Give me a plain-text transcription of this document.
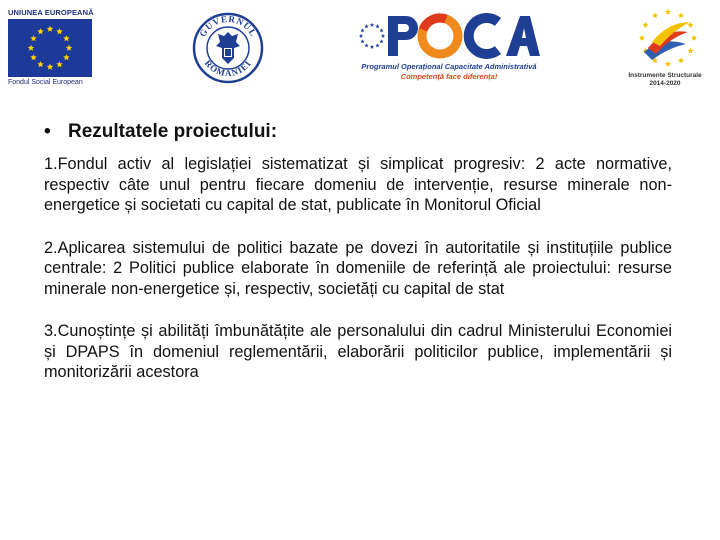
UNIUNEA EUROPEANĂ
Fondul Social European
GUVERNUL
ROMÂNIEI	Programul Operațional Capacitate Administrativă
Competență face diferența!	Instrumente Structurale
2014-2020
• Rezultatele proiectului:

1.Fondul activ al legislației sistematizat și simplicat progresiv: 2 acte normative, respectiv câte unul pentru fiecare domeniu de intervenție, resurse minerale non-energetice și societati cu capital de stat, publicate în Monitorul Oficial

2.Aplicarea sistemului de politici bazate pe dovezi în autoritatile și instituțiile publice centrale: 2 Politici publice elaborate în domeniile de referință ale proiectului: resurse minerale non-energetice și, respectiv, societăți cu capital de stat

3.Cunoștințe și abilități îmbunătățite ale personalului din cadrul Ministerului Economiei și DPAPS în domeniul reglementării, elaborării politicilor publice, implementării și monitorizării acestora
